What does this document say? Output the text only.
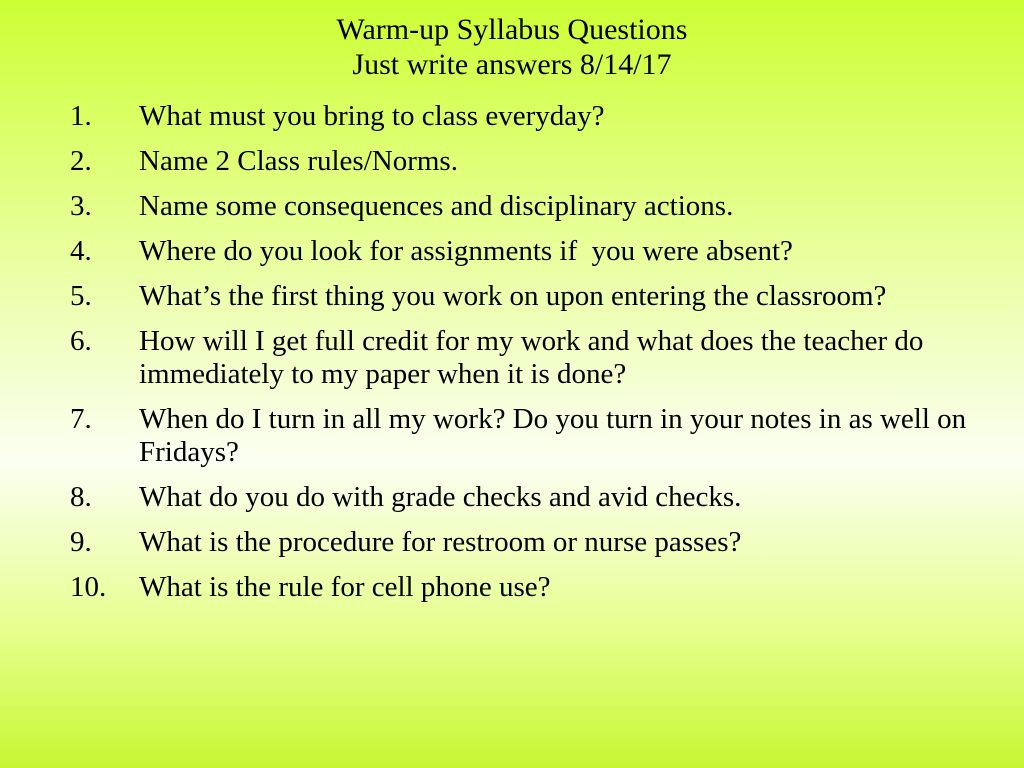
Warm-up Syllabus Questions
Just write answers 8/14/17
1.	What must you bring to class everyday?
2.	Name 2 Class rules/Norms.
3.	Name some consequences and disciplinary actions.
4.	Where do you look for assignments if  you were absent?
5.	What’s the first thing you work on upon entering the classroom?
6.	How will I get full credit for my work and what does the teacher do immediately to my paper when it is done?
7.	When do I turn in all my work? Do you turn in your notes in as well on Fridays?
8.	What do you do with grade checks and avid checks.
9.	What is the procedure for restroom or nurse passes?
10.	What is the rule for cell phone use?
